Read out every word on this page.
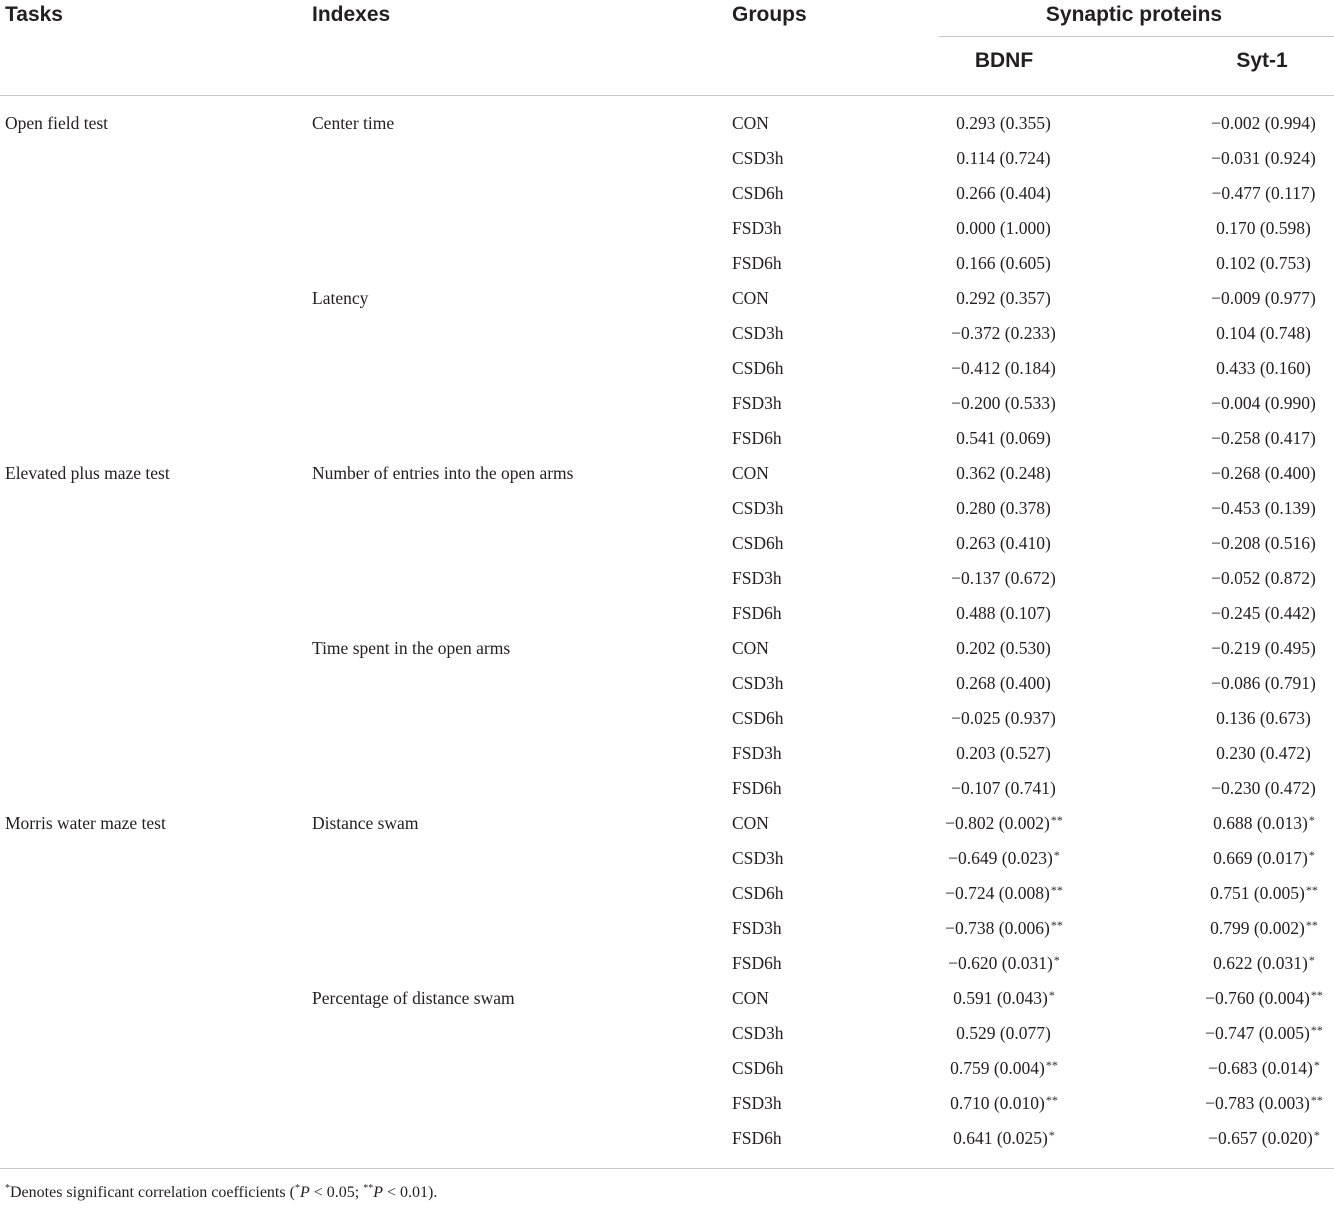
Tasks	Indexes	Groups	Synaptic proteins
BDNF	Syt-1
Open field test	Center time	CON	0.293 (0.355)	−0.002 (0.994)
CSD3h	0.114 (0.724)	−0.031 (0.924)
CSD6h	0.266 (0.404)	−0.477 (0.117)
FSD3h	0.000 (1.000)	0.170 (0.598)
FSD6h	0.166 (0.605)	0.102 (0.753)
Latency	CON	0.292 (0.357)	−0.009 (0.977)
CSD3h	−0.372 (0.233)	0.104 (0.748)
CSD6h	−0.412 (0.184)	0.433 (0.160)
FSD3h	−0.200 (0.533)	−0.004 (0.990)
FSD6h	0.541 (0.069)	−0.258 (0.417)
Elevated plus maze test	Number of entries into the open arms	CON	0.362 (0.248)	−0.268 (0.400)
CSD3h	0.280 (0.378)	−0.453 (0.139)
CSD6h	0.263 (0.410)	−0.208 (0.516)
FSD3h	−0.137 (0.672)	−0.052 (0.872)
FSD6h	0.488 (0.107)	−0.245 (0.442)
Time spent in the open arms	CON	0.202 (0.530)	−0.219 (0.495)
CSD3h	0.268 (0.400)	−0.086 (0.791)
CSD6h	−0.025 (0.937)	0.136 (0.673)
FSD3h	0.203 (0.527)	0.230 (0.472)
FSD6h	−0.107 (0.741)	−0.230 (0.472)
Morris water maze test	Distance swam	CON	−0.802 (0.002)**	0.688 (0.013)*
CSD3h	−0.649 (0.023)*	0.669 (0.017)*
CSD6h	−0.724 (0.008)**	0.751 (0.005)**
FSD3h	−0.738 (0.006)**	0.799 (0.002)**
FSD6h	−0.620 (0.031)*	0.622 (0.031)*
Percentage of distance swam	CON	0.591 (0.043)*	−0.760 (0.004)**
CSD3h	0.529 (0.077)	−0.747 (0.005)**
CSD6h	0.759 (0.004)**	−0.683 (0.014)*
FSD3h	0.710 (0.010)**	−0.783 (0.003)**
FSD6h	0.641 (0.025)*	−0.657 (0.020)*
*Denotes significant correlation coefficients (*P < 0.05; **P < 0.01).
